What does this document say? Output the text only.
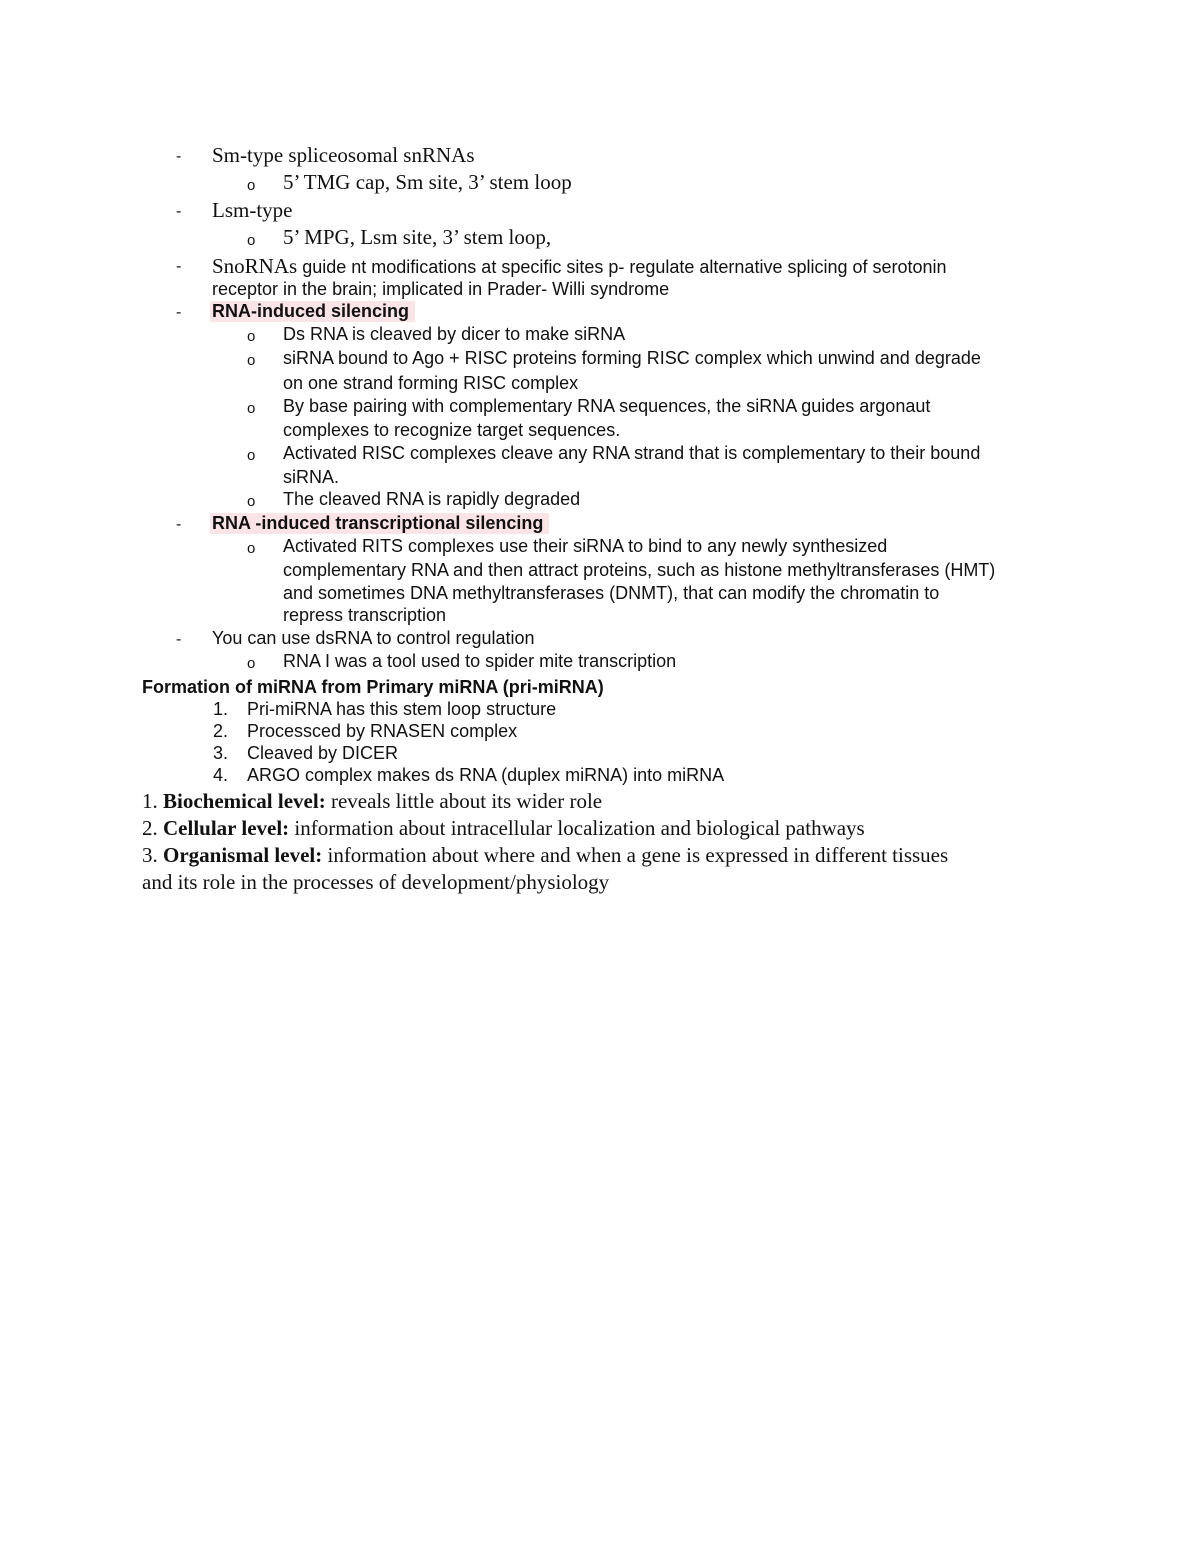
- Sm-type spliceosomal snRNAs
o 5’ TMG cap, Sm site, 3’ stem loop
- Lsm-type
o 5’ MPG, Lsm site, 3’ stem loop,
- SnoRNAs guide nt modifications at specific sites p- regulate alternative splicing of serotonin
receptor in the brain; implicated in Prader- Willi syndrome
- RNA-induced silencing
o Ds RNA is cleaved by dicer to make siRNA
o siRNA bound to Ago + RISC proteins forming RISC complex which unwind and degrade
on one strand forming RISC complex
o By base pairing with complementary RNA sequences, the siRNA guides argonaut
complexes to recognize target sequences.
o Activated RISC complexes cleave any RNA strand that is complementary to their bound
siRNA.
o The cleaved RNA is rapidly degraded
- RNA -induced transcriptional silencing
o Activated RITS complexes use their siRNA to bind to any newly synthesized
complementary RNA and then attract proteins, such as histone methyltransferases (HMT)
and sometimes DNA methyltransferases (DNMT), that can modify the chromatin to
repress transcription
- You can use dsRNA to control regulation
o RNA I was a tool used to spider mite transcription
Formation of miRNA from Primary miRNA (pri-miRNA)
1. Pri-miRNA has this stem loop structure
2. Processced by RNASEN complex
3. Cleaved by DICER
4. ARGO complex makes ds RNA (duplex miRNA) into miRNA
1. Biochemical level: reveals little about its wider role
2. Cellular level: information about intracellular localization and biological pathways
3. Organismal level: information about where and when a gene is expressed in different tissues
and its role in the processes of development/physiology
